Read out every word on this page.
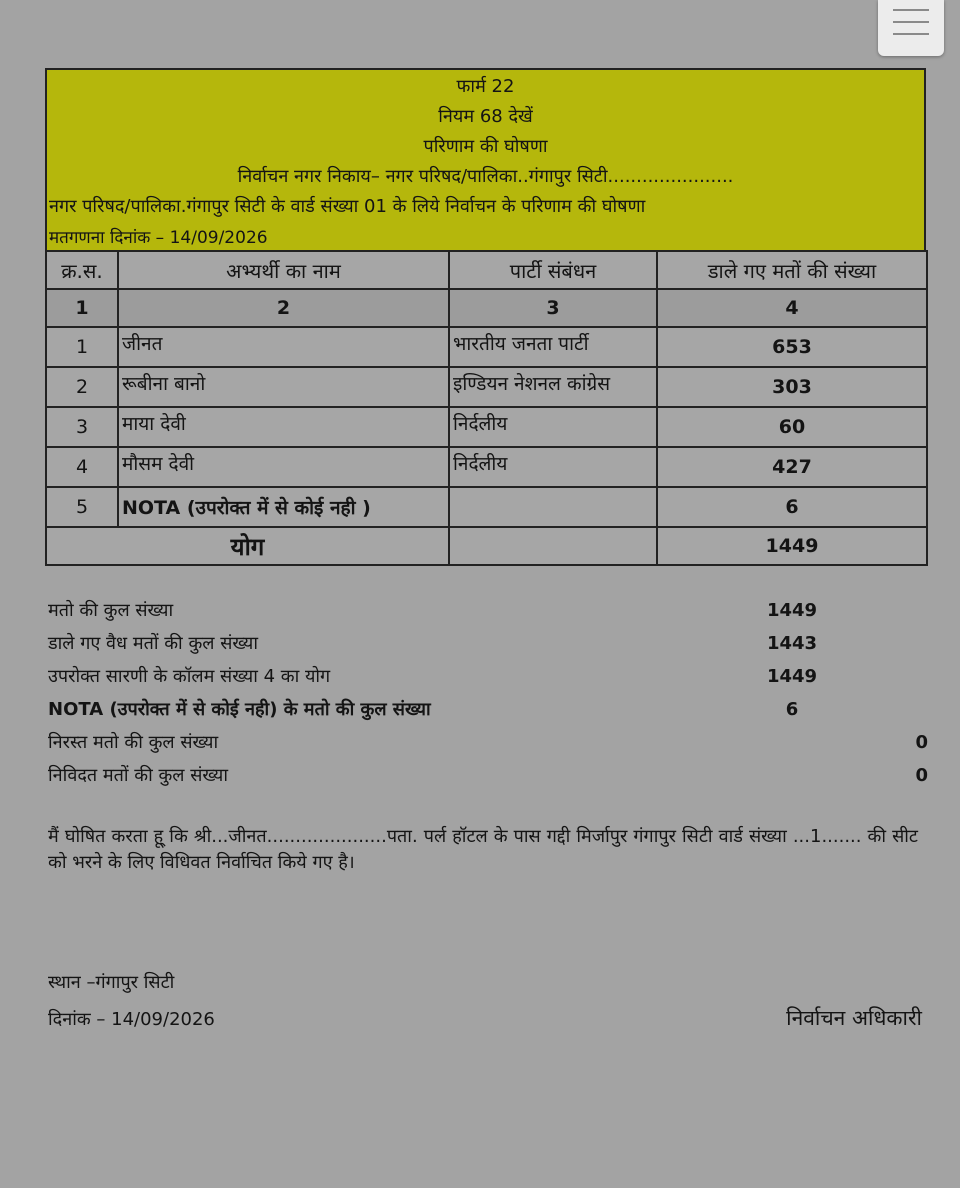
फार्म 22
नियम 68 देखें
परिणाम की घोषणा
निर्वाचन नगर निकाय– नगर परिषद/पालिका..गंगापुर सिटी......................
नगर परिषद/पालिका.गंगापुर सिटी के वार्ड संख्या 01 के लिये निर्वाचन के परिणाम की घोषणा
मतगणना दिनांक – 14/09/2026
क्र.स.	अभ्यर्थी का नाम	पार्टी संबंधन	डाले गए मतों की संख्या
1	2	3	4
1	जीनत	भारतीय जनता पार्टी	653
2	रूबीना बानो	इण्डियन नेशनल कांग्रेस	303
3	माया देवी	निर्दलीय	60
4	मौसम देवी	निर्दलीय	427
5	NOTA (उपरोक्त में से कोई नही )		6
योग			1449
मतो की कुल संख्या	1449
डाले गए वैध मतों की कुल संख्या	1443
उपरोक्त सारणी के कॉलम संख्या 4 का योग	1449
NOTA (उपरोक्त में से कोई नही) के मतो की कुल संख्या	6
निरस्त मतो की कुल संख्या	0
निविदत मतों की कुल संख्या	0
मैं घोषित करता हू् कि श्री...जीनत.....................पता. पर्ल हॉटल के पास गद्दी मिर्जापुर गंगापुर सिटी वार्ड संख्या ...1....... की सीट को भरने के लिए विधिवत निर्वाचित किये गए है।
स्थान –गंगापुर सिटी
दिनांक – 14/09/2026	निर्वाचन अधिकारी
